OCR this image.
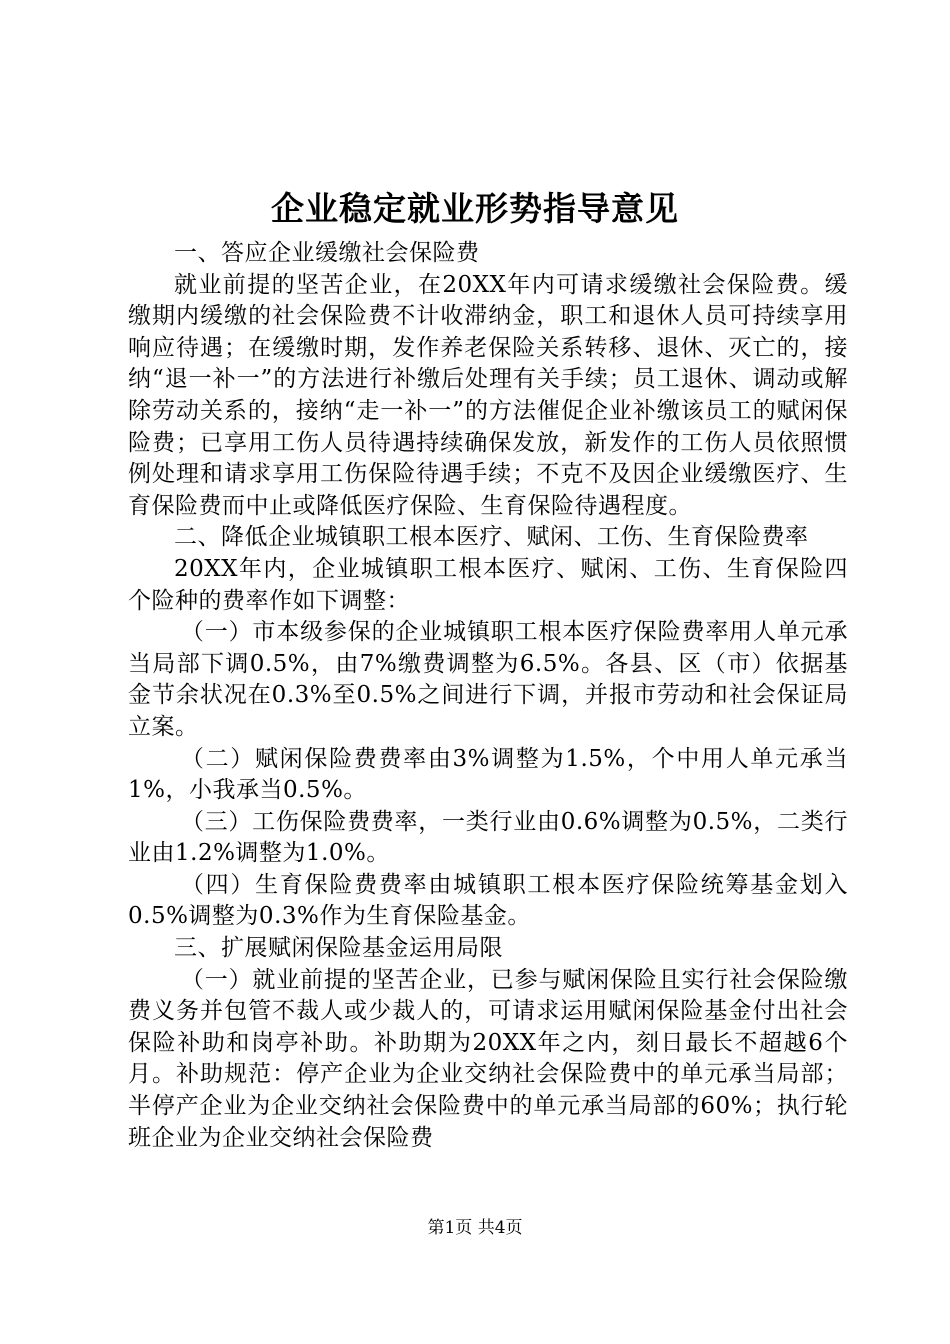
企业稳定就业形势指导意见

一、答应企业缓缴社会保险费

就业前提的坚苦企业，在20XX年内可请求缓缴社会保险费。缓缴期内缓缴的社会保险费不计收滞纳金，职工和退休人员可持续享用响应待遇；在缓缴时期，发作养老保险关系转移、退休、灭亡的，接纳“退一补一”的方法进行补缴后处理有关手续；员工退休、调动或解除劳动关系的，接纳“走一补一”的方法催促企业补缴该员工的赋闲保险费；已享用工伤人员待遇持续确保发放，新发作的工伤人员依照惯例处理和请求享用工伤保险待遇手续；不克不及因企业缓缴医疗、生育保险费而中止或降低医疗保险、生育保险待遇程度。

二、降低企业城镇职工根本医疗、赋闲、工伤、生育保险费率

20XX年内，企业城镇职工根本医疗、赋闲、工伤、生育保险四个险种的费率作如下调整：

（一）市本级参保的企业城镇职工根本医疗保险费率用人单元承当局部下调0.5%，由7%缴费调整为6.5%。各县、区（市）依据基金节余状况在0.3%至0.5%之间进行下调，并报市劳动和社会保证局立案。

（二）赋闲保险费费率由3%调整为1.5%，个中用人单元承当1%，小我承当0.5%。

（三）工伤保险费费率，一类行业由0.6%调整为0.5%，二类行业由1.2%调整为1.0%。

（四）生育保险费费率由城镇职工根本医疗保险统筹基金划入0.5%调整为0.3%作为生育保险基金。

三、扩展赋闲保险基金运用局限

（一）就业前提的坚苦企业，已参与赋闲保险且实行社会保险缴费义务并包管不裁人或少裁人的，可请求运用赋闲保险基金付出社会保险补助和岗亭补助。补助期为20XX年之内，刻日最长不超越6个月。补助规范：停产企业为企业交纳社会保险费中的单元承当局部；半停产企业为企业交纳社会保险费中的单元承当局部的60%；执行轮班企业为企业交纳社会保险费

第1页 共4页
